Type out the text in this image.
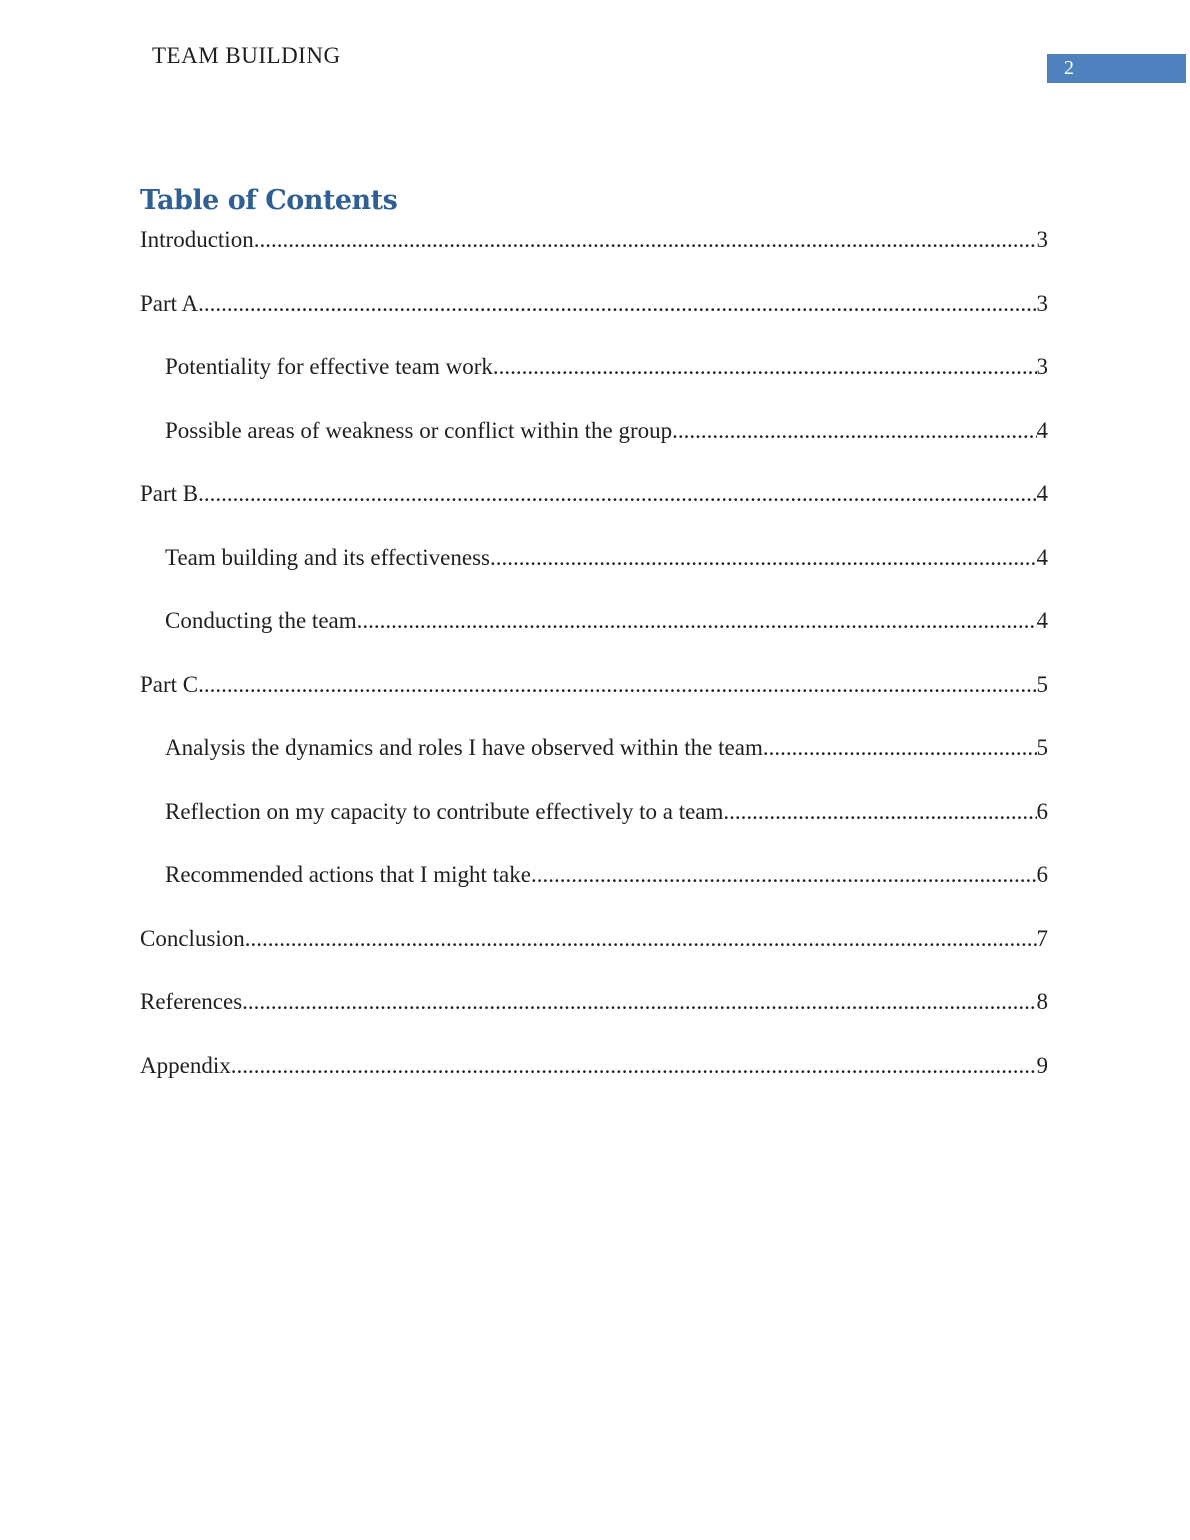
TEAM BUILDING	2
Table of Contents
Introduction .....	3
Part A .....	3
Potentiality for effective team work .....	3
Possible areas of weakness or conflict within the group .....	4
Part B .....	4
Team building and its effectiveness .....	4
Conducting the team .....	4
Part C .....	5
Analysis the dynamics and roles I have observed within the team .....	5
Reflection on my capacity to contribute effectively to a team .....	6
Recommended actions that I might take .....	6
Conclusion .....	7
References .....	8
Appendix .....	9
